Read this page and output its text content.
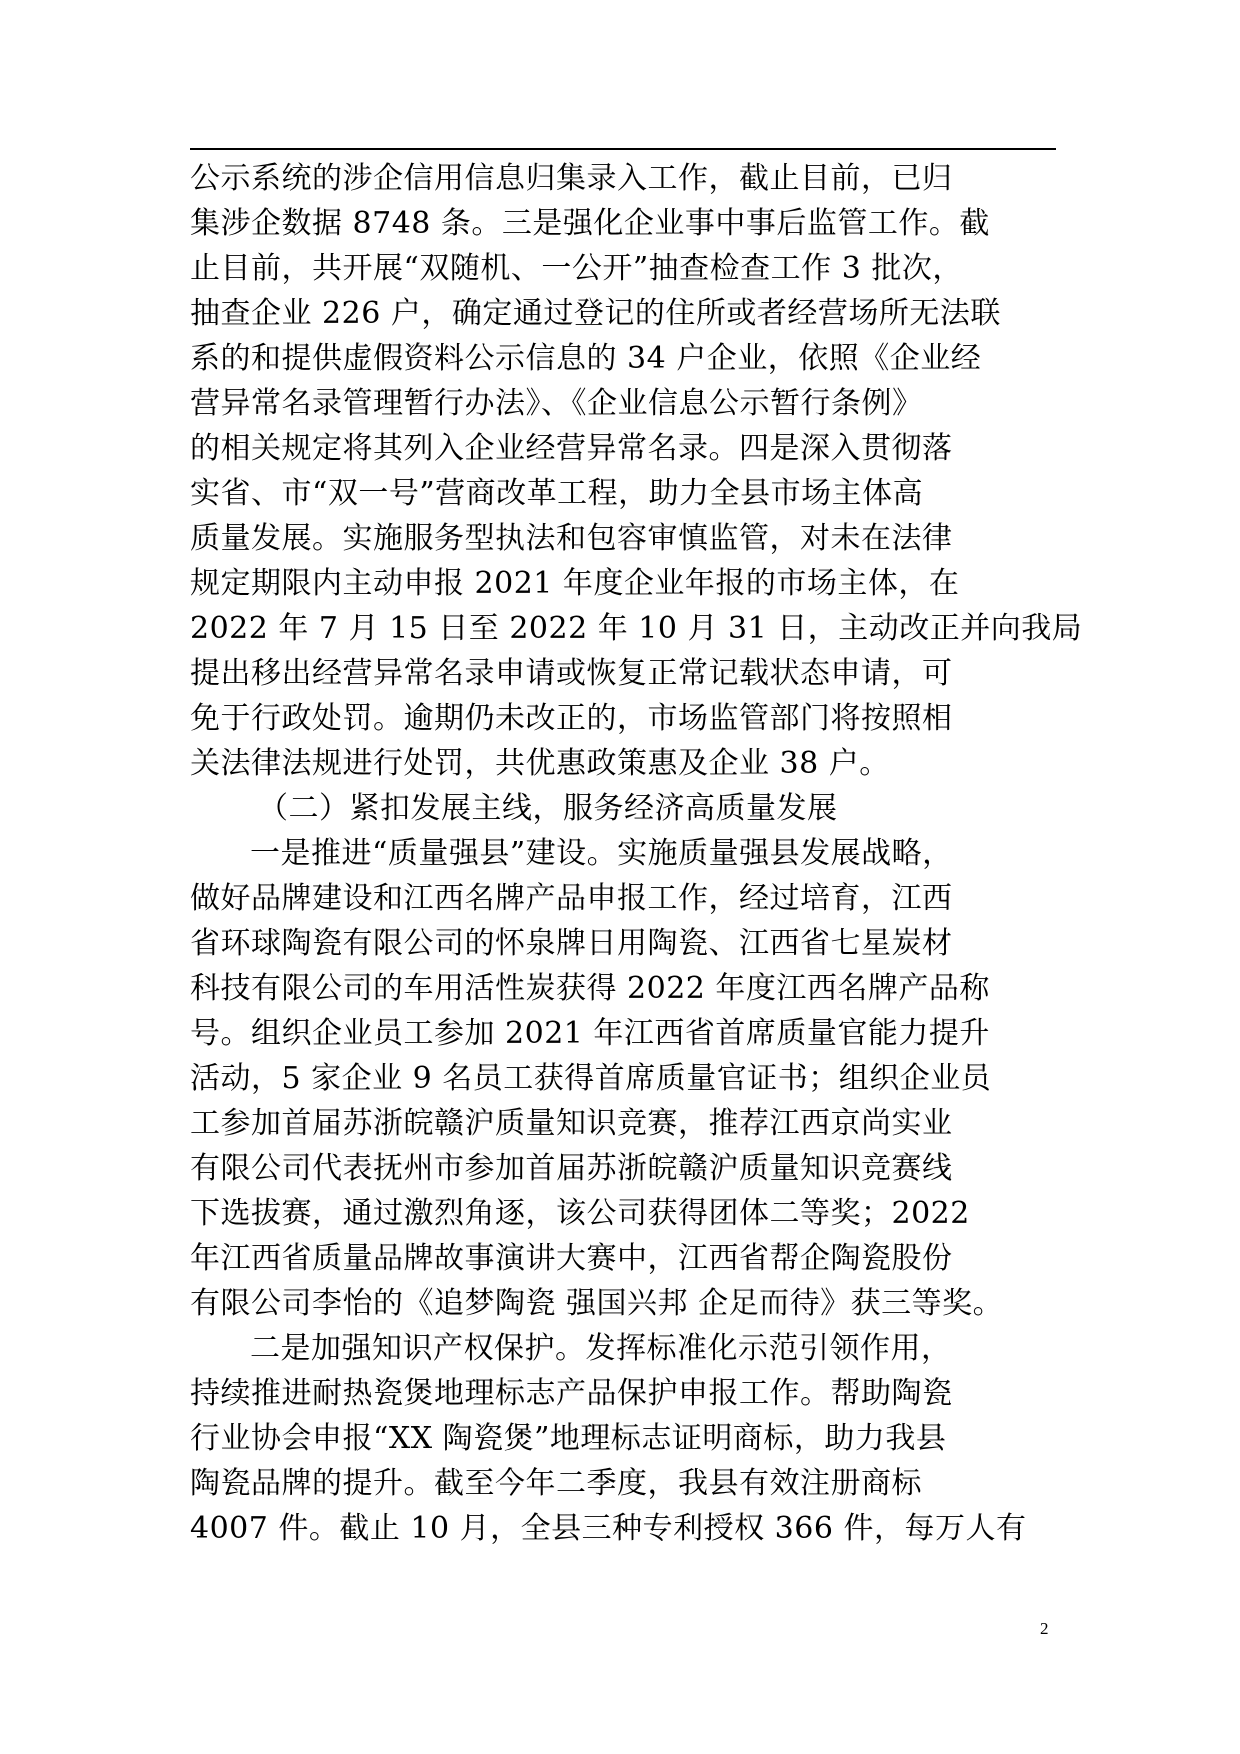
公示系统的涉企信用信息归集录入工作，截止目前，已归
集涉企数据 8748 条。三是强化企业事中事后监管工作。截
止目前，共开展“双随机、一公开”抽查检查工作 3 批次，
抽查企业 226 户，确定通过登记的住所或者经营场所无法联
系的和提供虚假资料公示信息的 34 户企业，依照《企业经
营异常名录管理暂行办法》、《企业信息公示暂行条例》
的相关规定将其列入企业经营异常名录。四是深入贯彻落
实省、市“双一号”营商改革工程，助力全县市场主体高
质量发展。实施服务型执法和包容审慎监管，对未在法律
规定期限内主动申报 2021 年度企业年报的市场主体，在
2022 年 7 月 15 日至 2022 年 10 月 31 日，主动改正并向我局
提出移出经营异常名录申请或恢复正常记载状态申请，可
免于行政处罚。逾期仍未改正的，市场监管部门将按照相
关法律法规进行处罚，共优惠政策惠及企业 38 户。
（二）紧扣发展主线，服务经济高质量发展
一是推进“质量强县”建设。实施质量强县发展战略，
做好品牌建设和江西名牌产品申报工作，经过培育，江西
省环球陶瓷有限公司的怀泉牌日用陶瓷、江西省七星炭材
科技有限公司的车用活性炭获得 2022 年度江西名牌产品称
号。组织企业员工参加 2021 年江西省首席质量官能力提升
活动，5 家企业 9 名员工获得首席质量官证书；组织企业员
工参加首届苏浙皖赣沪质量知识竞赛，推荐江西京尚实业
有限公司代表抚州市参加首届苏浙皖赣沪质量知识竞赛线
下选拔赛，通过激烈角逐，该公司获得团体二等奖；2022
年江西省质量品牌故事演讲大赛中，江西省帮企陶瓷股份
有限公司李怡的《追梦陶瓷 强国兴邦 企足而待》获三等奖。
二是加强知识产权保护。发挥标准化示范引领作用，
持续推进耐热瓷煲地理标志产品保护申报工作。帮助陶瓷
行业协会申报“XX 陶瓷煲”地理标志证明商标，助力我县
陶瓷品牌的提升。截至今年二季度，我县有效注册商标
4007 件。截止 10 月，全县三种专利授权 366 件，每万人有
2
